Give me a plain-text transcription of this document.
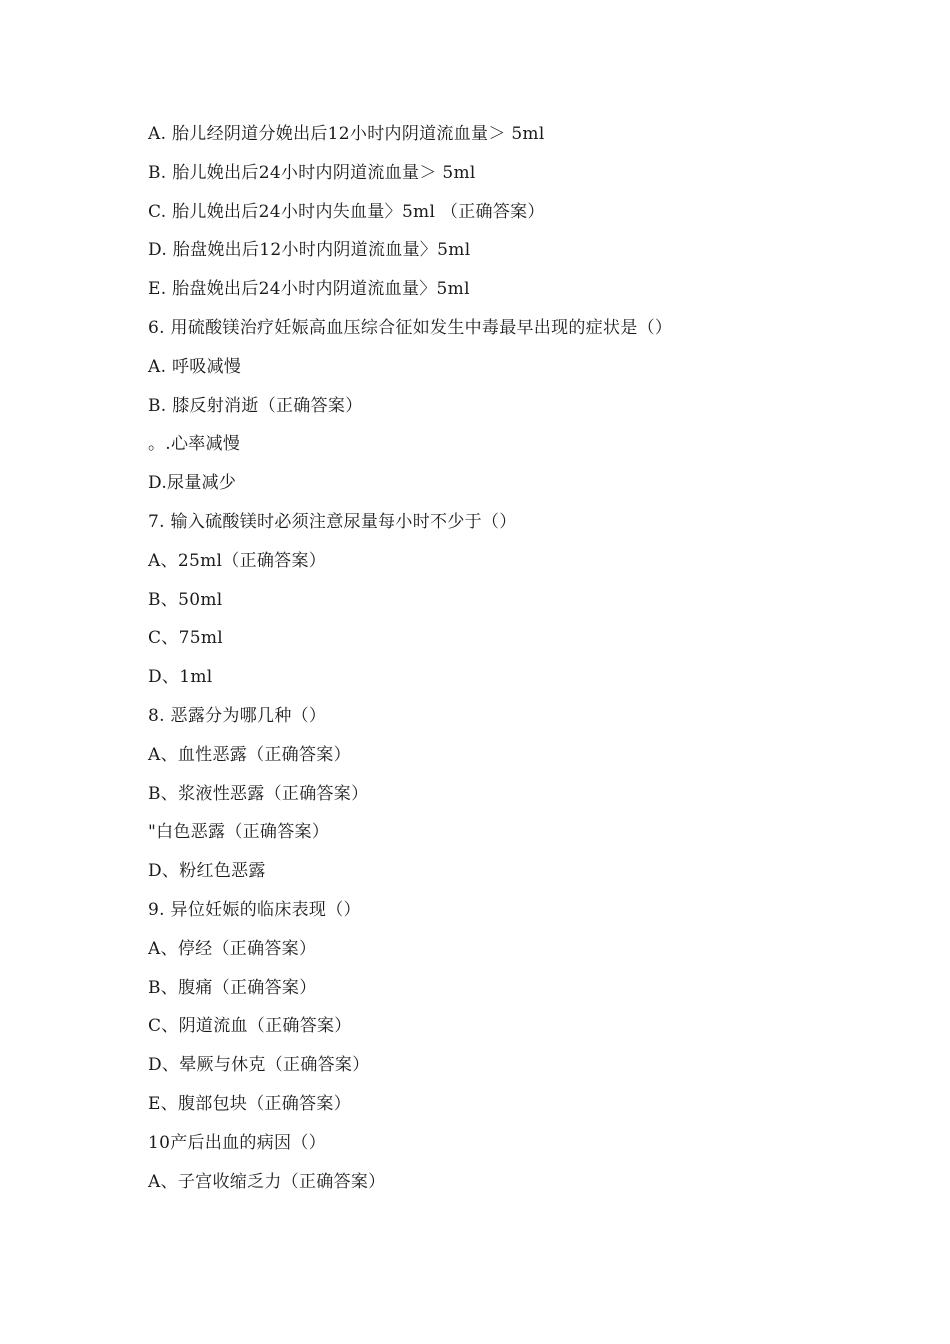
A. 胎儿经阴道分娩出后12小时内阴道流血量＞ 5ml
B. 胎儿娩出后24小时内阴道流血量＞ 5ml
C. 胎儿娩出后24小时内失血量〉5ml （正确答案）
D. 胎盘娩出后12小时内阴道流血量〉5ml
E. 胎盘娩出后24小时内阴道流血量〉5ml
6. 用硫酸镁治疗妊娠高血压综合征如发生中毒最早出现的症状是（）
A. 呼吸减慢
B. 膝反射消逝（正确答案）
。.心率减慢
D.尿量减少
7. 输入硫酸镁时必须注意尿量每小时不少于（）
A、25ml（正确答案）
B、50ml
C、75ml
D、1ml
8. 恶露分为哪几种（）
A、血性恶露（正确答案）
B、浆液性恶露（正确答案）
"白色恶露（正确答案）
D、粉红色恶露
9. 异位妊娠的临床表现（）
A、停经（正确答案）
B、腹痛（正确答案）
C、阴道流血（正确答案）
D、晕厥与休克（正确答案）
E、腹部包块（正确答案）
10产后出血的病因（）
A、子宫收缩乏力（正确答案）
